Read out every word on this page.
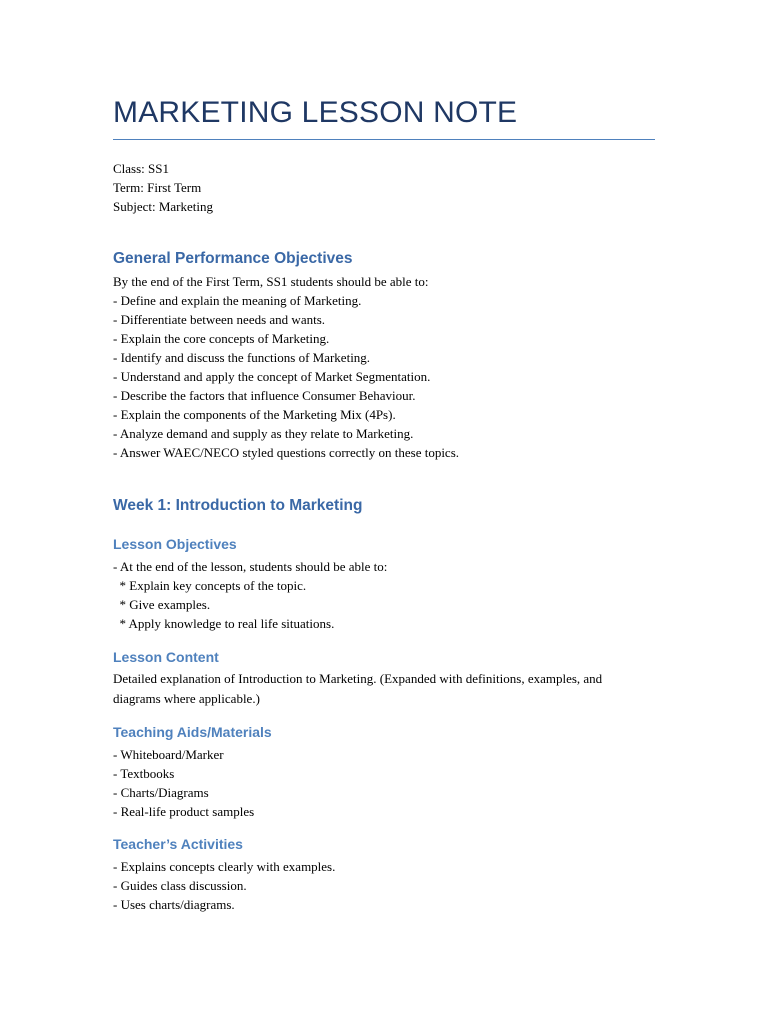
MARKETING LESSON NOTE

Class: SS1

Term: First Term

Subject: Marketing

General Performance Objectives

By the end of the First Term, SS1 students should be able to:

- Define and explain the meaning of Marketing.
- Differentiate between needs and wants.
- Explain the core concepts of Marketing.
- Identify and discuss the functions of Marketing.
- Understand and apply the concept of Market Segmentation.
- Describe the factors that influence Consumer Behaviour.
- Explain the components of the Marketing Mix (4Ps).
- Analyze demand and supply as they relate to Marketing.
- Answer WAEC/NECO styled questions correctly on these topics.

Week 1: Introduction to Marketing

Lesson Objectives

- At the end of the lesson, students should be able to:
* Explain key concepts of the topic.
* Give examples.
* Apply knowledge to real life situations.

Lesson Content

Detailed explanation of Introduction to Marketing. (Expanded with definitions, examples, and diagrams where applicable.)

Teaching Aids/Materials

- Whiteboard/Marker
- Textbooks
- Charts/Diagrams
- Real-life product samples

Teacher’s Activities

- Explains concepts clearly with examples.
- Guides class discussion.
- Uses charts/diagrams.
